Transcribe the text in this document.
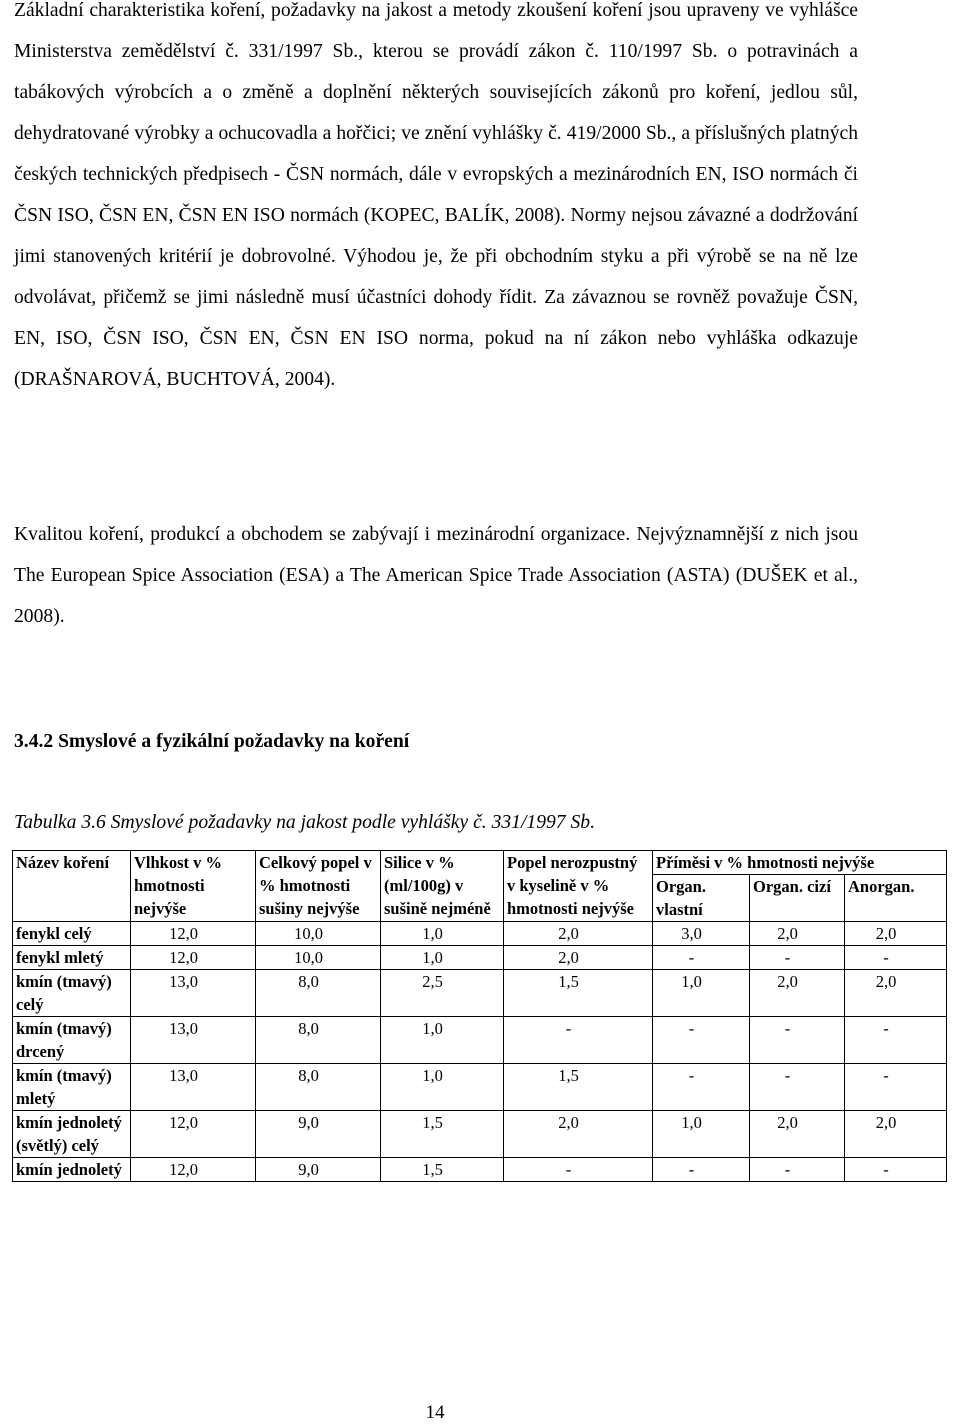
Základní charakteristika koření, požadavky na jakost a metody zkoušení koření jsou upraveny ve vyhlášce Ministerstva zemědělství č. 331/1997 Sb., kterou se provádí zákon č. 110/1997 Sb. o potravinách a tabákových výrobcích a o změně a doplnění některých souvisejících zákonů pro koření, jedlou sůl, dehydratované výrobky a ochucovadla a hořčici; ve znění vyhlášky č. 419/2000 Sb., a příslušných platných českých technických předpisech - ČSN normách, dále v evropských a mezinárodních EN, ISO normách či ČSN ISO, ČSN EN, ČSN EN ISO normách (KOPEC, BALÍK, 2008). Normy nejsou závazné a dodržování jimi stanovených kritérií je dobrovolné. Výhodou je, že při obchodním styku a při výrobě se na ně lze odvolávat, přičemž se jimi následně musí účastníci dohody řídit. Za závaznou se rovněž považuje ČSN, EN, ISO, ČSN ISO, ČSN EN, ČSN EN ISO norma, pokud na ní zákon nebo vyhláška odkazuje (DRAŠNAROVÁ, BUCHTOVÁ, 2004).

Kvalitou koření, produkcí a obchodem se zabývají i mezinárodní organizace. Nejvýznamnější z nich jsou The European Spice Association (ESA) a The American Spice Trade Association (ASTA) (DUŠEK et al., 2008).

3.4.2 Smyslové a fyzikální požadavky na koření

Tabulka 3.6 Smyslové požadavky na jakost podle vyhlášky č. 331/1997 Sb.

Název koření	Vlhkost v % hmotnosti nejvýše	Celkový popel v % hmotnosti sušiny nejvýše	Silice v % (ml/100g) v sušině nejméně	Popel nerozpustný v kyselině v % hmotnosti nejvýše	Příměsi v % hmotnosti nejvýše		
					Organ. vlastní	Organ. cizí	Anorgan.
fenykl celý	12,0	10,0	1,0	2,0	3,0	2,0	2,0
fenykl mletý	12,0	10,0	1,0	2,0	-	-	-
kmín (tmavý) celý	13,0	8,0	2,5	1,5	1,0	2,0	2,0
kmín (tmavý) drcený	13,0	8,0	1,0	-	-	-	-
kmín (tmavý) mletý	13,0	8,0	1,0	1,5	-	-	-
kmín jednoletý (světlý) celý	12,0	9,0	1,5	2,0	1,0	2,0	2,0
kmín jednoletý	12,0	9,0	1,5	-	-	-	-
14
